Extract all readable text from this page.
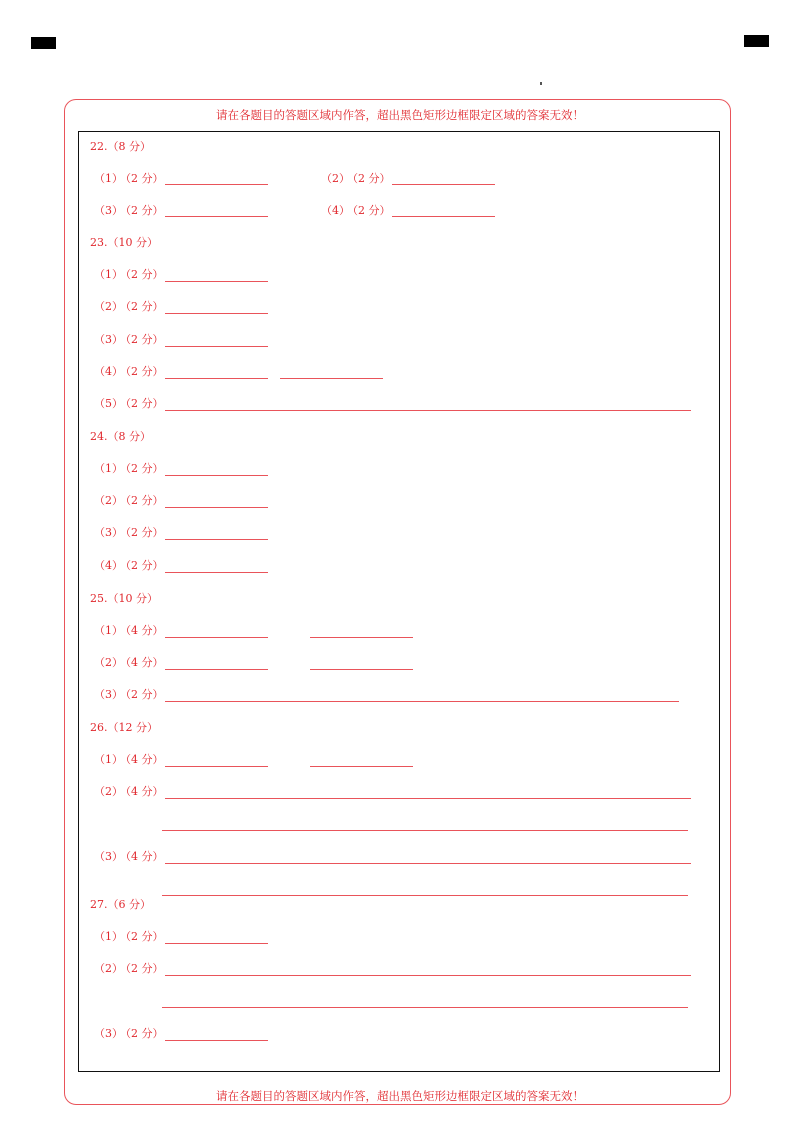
请在各题目的答题区域内作答，超出黑色矩形边框限定区域的答案无效！
请在各题目的答题区域内作答，超出黑色矩形边框限定区域的答案无效！
22.（8 分）
（1）
（2 分）	（2）
（2 分）
（3）
（2 分）	（4）
（2 分）
23.（10 分）
（1）
（2 分）
（2）
（2 分）
（3）
（2 分）
（4）
（2 分）
（5）
（2 分）
24.（8 分）
（1）
（2 分）
（2）
（2 分）
（3）
（2 分）
（4）
（2 分）
25.（10 分）
（1）
（4 分）
（2）
（4 分）
（3）
（2 分）
26.（12 分）
（1）
（4 分）
（2）
（4 分）
（3）
（4 分）
27.（6 分）
（1）
（2 分）
（2）
（2 分）
（3）
（2 分）
